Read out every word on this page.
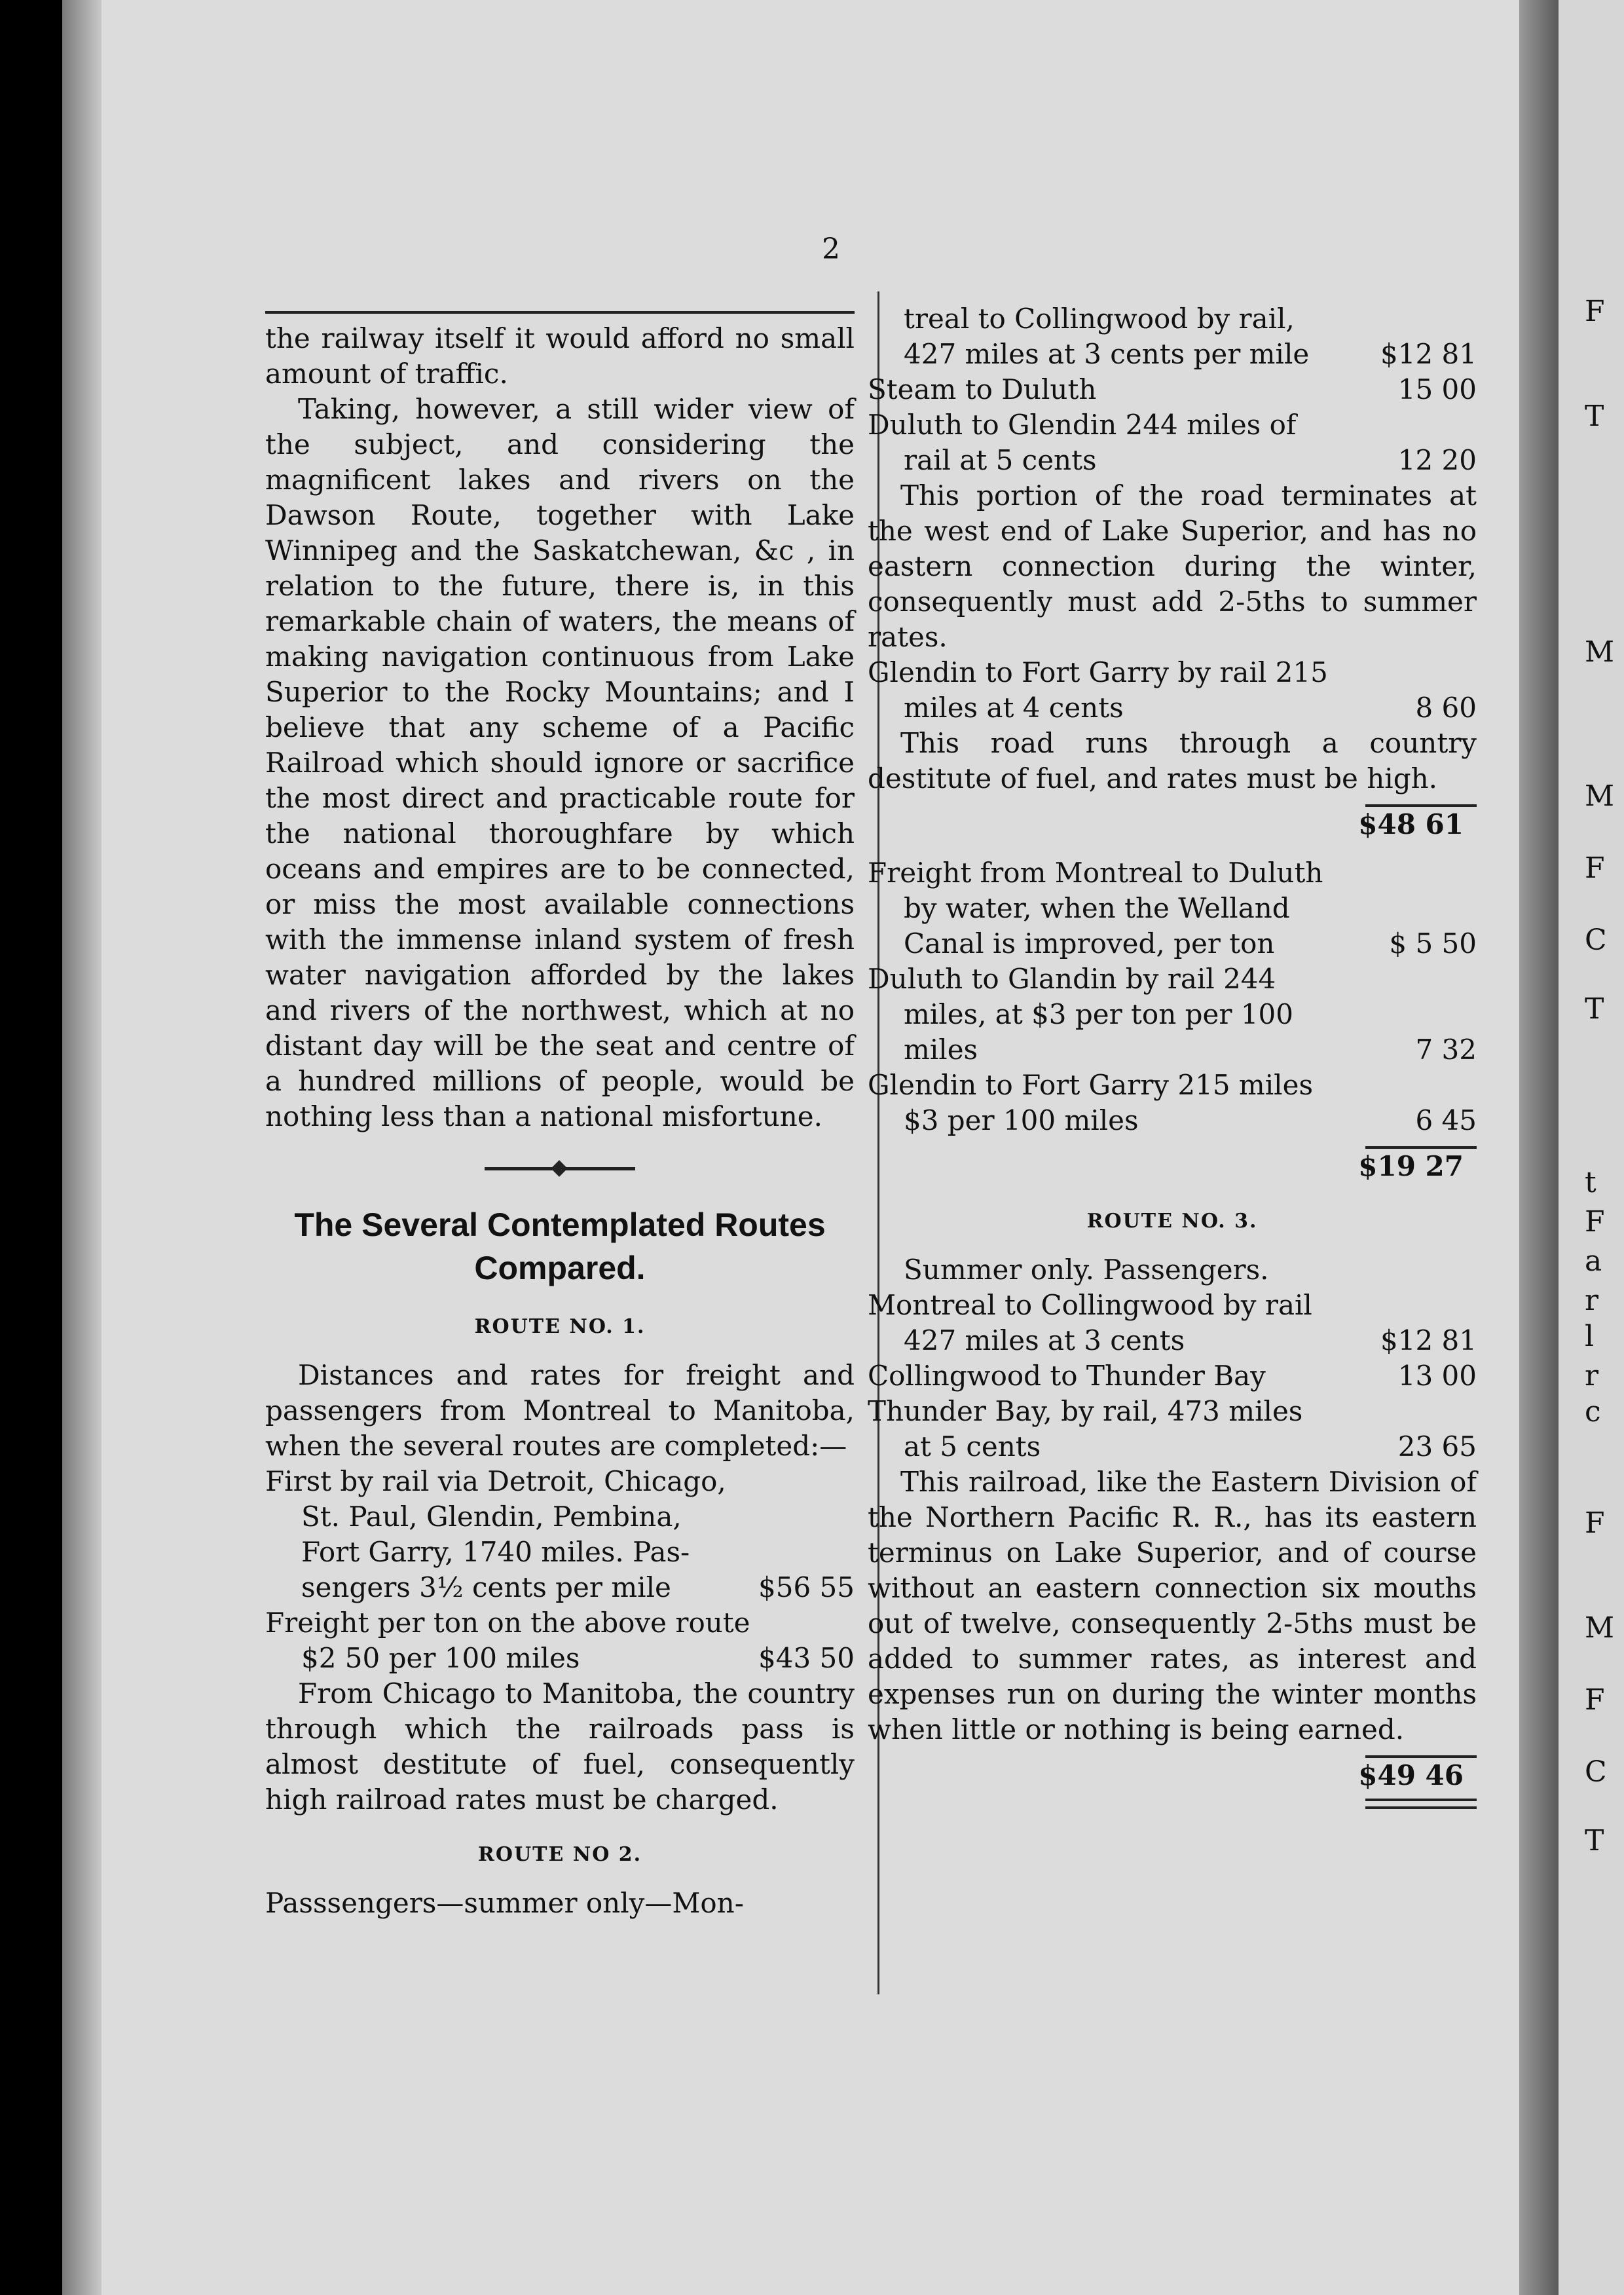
F
T
M
M
F
C
T
t
F
a
r
l
r
c
F
M
F
C
T
2

the railway itself it would afford no small amount of traffic.

Taking, however, a still wider view of the subject, and considering the magnificent lakes and rivers on the Dawson Route, together with Lake Winnipeg and the Saskatchewan, &c , in relation to the future, there is, in this remarkable chain of waters, the means of making navigation continuous from Lake Superior to the Rocky Mountains; and I believe that any scheme of a Pacific Railroad which should ignore or sacrifice the most direct and practicable route for the national thoroughfare by which oceans and empires are to be connected, or miss the most available connections with the immense inland system of fresh water navigation afforded by the lakes and rivers of the northwest, which at no distant day will be the seat and centre of a hundred millions of people, would be nothing less than a national misfortune.

The Several Contemplated Routes
Compared.
ROUTE NO. 1.

Distances and rates for freight and passengers from Montreal to Manitoba, when the several routes are completed:—

First by rail via Detroit, Chicago,
St. Paul, Glendin, Pembina,
Fort Garry, 1740 miles. Pas-
sengers 3½ cents per mile	$56 55
Freight per ton on the above route
$2 50 per 100 miles	$43 50

From Chicago to Manitoba, the country through which the railroads pass is almost destitute of fuel, consequently high railroad rates must be charged.

ROUTE NO 2.

Passsengers—summer only—Mon-

treal to Collingwood by rail,
427 miles at 3 cents per mile	$12 81
Steam to Duluth	15 00
Duluth to Glendin 244 miles of
rail at 5 cents	12 20

This portion of the road terminates at the west end of Lake Superior, and has no eastern connection during the winter, consequently must add 2-5ths to summer rates.

Glendin to Fort Garry by rail 215
miles at 4 cents	8 60

This road runs through a country destitute of fuel, and rates must be high.

$48 61
Freight from Montreal to Duluth
by water, when the Welland
Canal is improved, per ton	$ 5 50
Duluth to Glandin by rail 244
miles, at $3 per ton per 100
miles	7 32
Glendin to Fort Garry 215 miles
$3 per 100 miles	6 45
$19 27
ROUTE NO. 3.
Summer only. Passengers.
Montreal to Collingwood by rail
427 miles at 3 cents	$12 81
Collingwood to Thunder Bay	13 00
Thunder Bay, by rail, 473 miles
at 5 cents	23 65

This railroad, like the Eastern Division of the Northern Pacific R. R., has its eastern terminus on Lake Superior, and of course without an eastern connection six mouths out of twelve, consequently 2-5ths must be added to summer rates, as interest and expenses run on during the winter months when little or nothing is being earned.

$49 46
